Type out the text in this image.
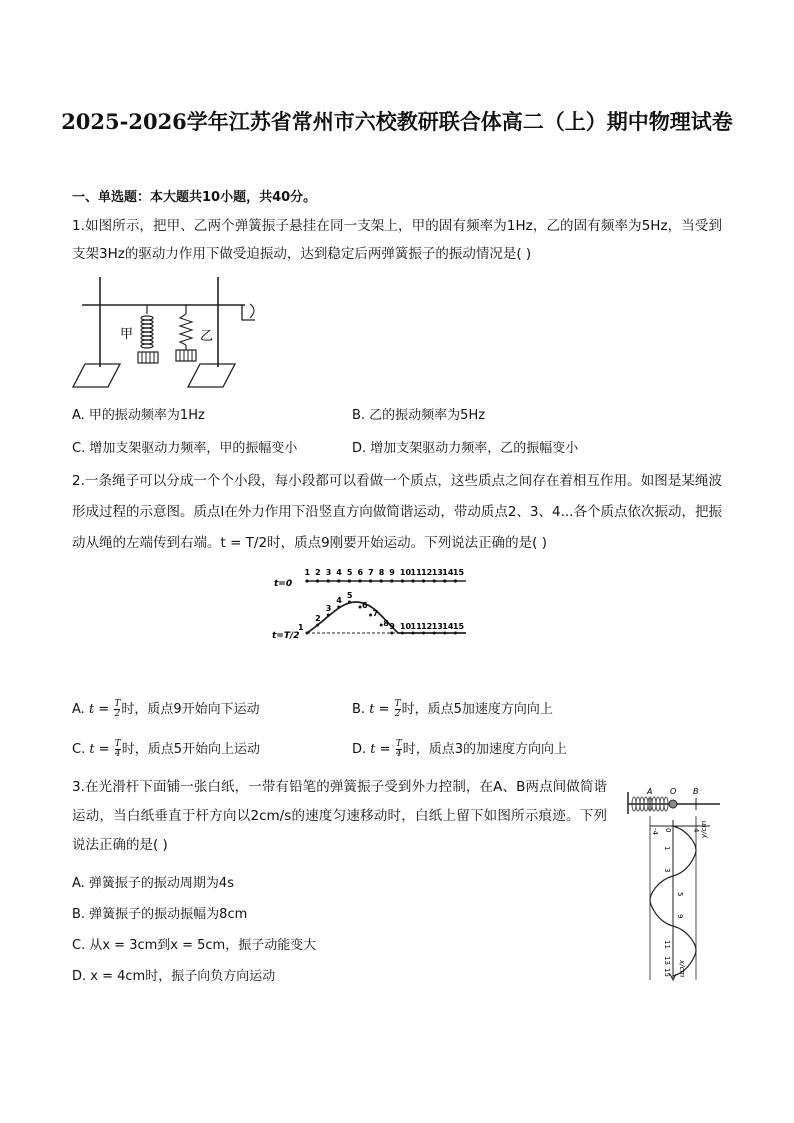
2025-2026学年江苏省常州市六校教研联合体高二（上）期中物理试卷
一、单选题：本大题共10小题，共40分。
1.如图所示，把甲、乙两个弹簧振子悬挂在同一支架上，甲的固有频率为1Hz，乙的固有频率为5Hz，当受到支架3Hz的驱动力作用下做受迫振动，达到稳定后两弹簧振子的振动情况是( )
甲	乙
A. 甲的振动频率为1Hz	B. 乙的振动频率为5Hz
C. 增加支架驱动力频率，甲的振幅变小	D. 增加支架驱动力频率，乙的振幅变小
2.一条绳子可以分成一个个小段，每小段都可以看做一个质点，这些质点之间存在着相互作用。如图是某绳波形成过程的示意图。质点l在外力作用下沿竖直方向做简谐运动，带动质点2、3、4...各个质点依次振动，把振动从绳的左端传到右端。t = T/2时，质点9刚要开始运动。下列说法正确的是( )
t=0
1 2 3 4 5 6 7 8 9 10 11 12 13 14 15
t=T/2
1
2
3
4
5
6
7
8 9 10 11 12 13 14 15
A. $t = \frac{T}{2}$ 时，质点9开始向下运动	B. $t = \frac{T}{2}$ 时，质点5加速度方向向上
C. $t = \frac{T}{4}$ 时，质点5开始向上运动	D. $t = \frac{T}{4}$ 时，质点3的加速度方向向上
3.在光滑杆下面铺一张白纸，一带有铅笔的弹簧振子受到外力控制，在A、B两点间做简谐运动，当白纸垂直于杆方向以2cm/s的速度匀速移动时，白纸上留下如图所示痕迹。下列说法正确的是( )
A. 弹簧振子的振动周期为4s
B. 弹簧振子的振动振幅为8cm
C. 从x = 3cm到x = 5cm，振子动能变大
D. x = 4cm时，振子向负方向运动
A O B
y/cm
0
-4	4
1
3
5
9
11
13
15 x/cm
